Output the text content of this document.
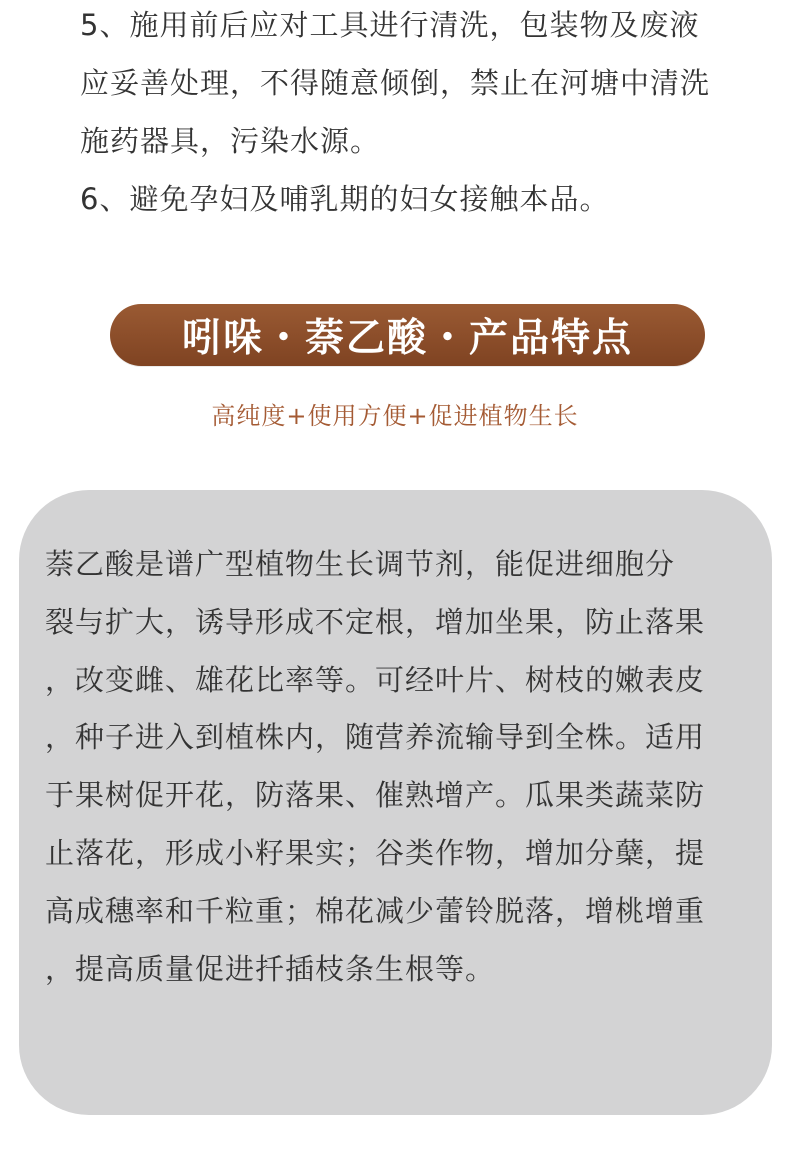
5、施用前后应对工具进行清洗，包装物及废液
应妥善处理，不得随意倾倒，禁止在河塘中清洗
施药器具，污染水源。
6、避免孕妇及哺乳期的妇女接触本品。
吲哚・萘乙酸・产品特点
高纯度+使用方便+促进植物生长
萘乙酸是谱广型植物生长调节剂，能促进细胞分
裂与扩大，诱导形成不定根，增加坐果，防止落果
，改变雌、雄花比率等。可经叶片、树枝的嫩表皮
，种子进入到植株内，随营养流输导到全株。适用
于果树促开花，防落果、催熟增产。瓜果类蔬菜防
止落花，形成小籽果实；谷类作物，增加分蘖，提
高成穗率和千粒重；棉花减少蕾铃脱落，增桃增重
，提高质量促进扦插枝条生根等。
